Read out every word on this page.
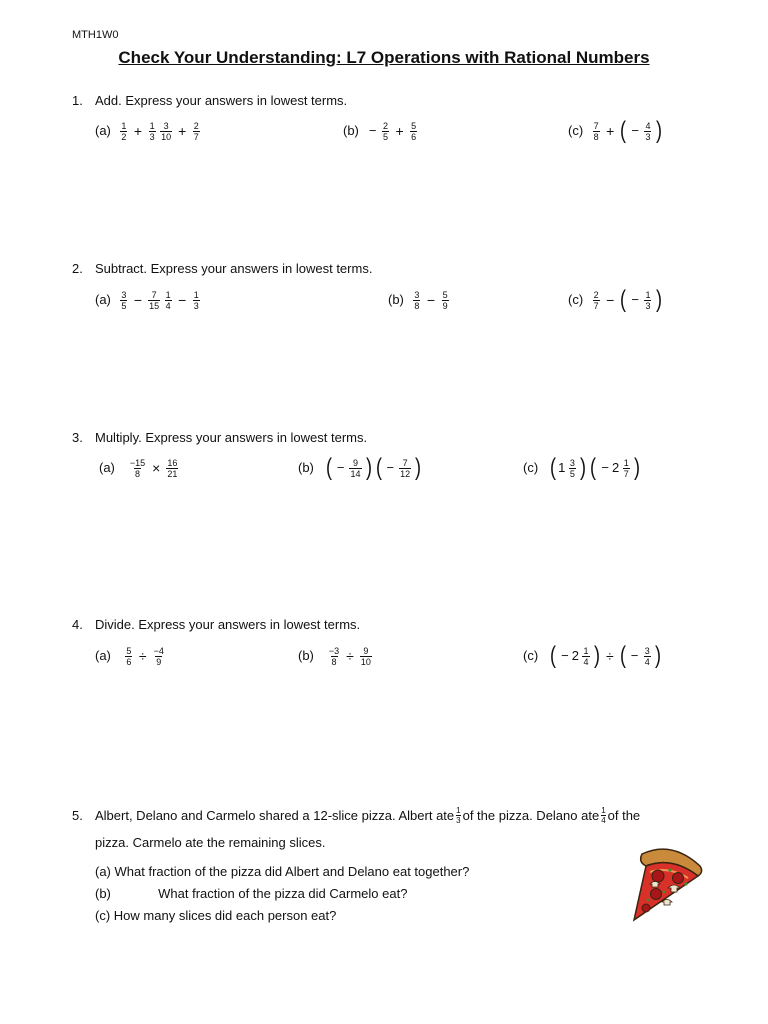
MTH1W0
Check Your Understanding: L7 Operations with Rational Numbers
1. Add. Express your answers in lowest terms.
$(a) \frac{1}{2} + \frac{1}{3} \frac{3}{10} + \frac{2}{7}$	$(b) - \frac{2}{5} + \frac{5}{6}$	$(c) \frac{7}{8}$ + ( − $\frac{4}{3}$ )
2. Subtract. Express your answers in lowest terms.
$(a) \frac{3}{5} - \frac{7}{15} \frac{1}{4} - \frac{1}{3}$	$(b) \frac{3}{8} - \frac{5}{9}$	$(c) \frac{2}{7}$ − ( − $\frac{1}{3}$ )
3. Multiply. Express your answers in lowest terms.
$(a) \frac{-15}{8} \times \frac{16}{21}$	(b) ( − $\frac{9}{14}$ ) ( − $\frac{7}{12}$ )	(c) ( $1 \frac{3}{5}$ ) ( − $2 \frac{1}{7}$ )
4. Divide. Express your answers in lowest terms.
$(a) \frac{5}{6} \div \frac{-4}{9}$	$(b) \frac{-3}{8} \div \frac{9}{10}$	(c) ( − $2 \frac{1}{4}$ ) ÷ ( − $\frac{3}{4}$ )
5. Albert, Delano and Carmelo shared a 12-slice pizza. Albert ate $\frac{1}{3}$ of the pizza. Delano ate $\frac{1}{4}$ of the
pizza. Carmelo ate the remaining slices.
(a) What fraction of the pizza did Albert and Delano eat together?
(b)	What fraction of the pizza did Carmelo eat?
(c) How many slices did each person eat?
